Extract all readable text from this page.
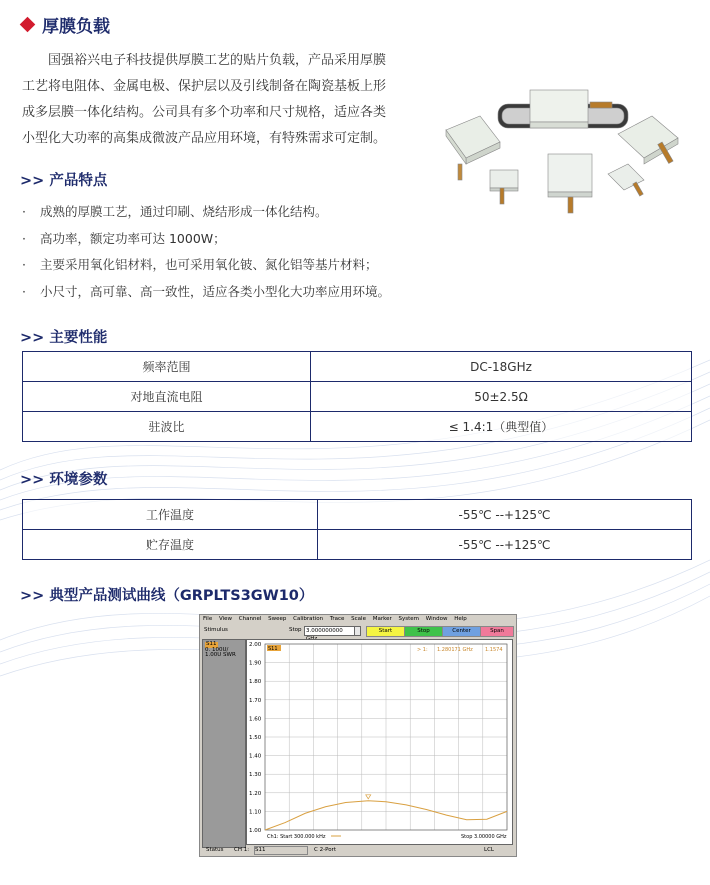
厚膜负载
国强裕兴电子科技提供厚膜工艺的贴片负载，产品采用厚膜
工艺将电阻体、金属电极、保护层以及引线制备在陶瓷基板上形
成多层膜一体化结构。公司具有多个功率和尺寸规格，适应各类
小型化大功率的高集成微波产品应用环境，有特殊需求可定制。
>> 产品特点
· 成熟的厚膜工艺，通过印刷、烧结形成一体化结构。
· 高功率，额定功率可达 1000W；
· 主要采用氧化铝材料，也可采用氧化铍、氮化铝等基片材料；
· 小尺寸，高可靠、高一致性，适应各类小型化大功率应用环境。
>> 主要性能
频率范围	DC-18GHz
对地直流电阻	50±2.5Ω
驻波比	≤ 1.4:1（典型值）
>> 环境参数
工作温度	-55℃ --+125℃
贮存温度	-55℃ --+125℃
>> 典型产品测试曲线（GRPLTS3GW10）
File View Channel Sweep Calibration Trace Scale Marker System Window Help
Stimulus	Stop 3.000000000	Start	Stop	Center	Span
S11
0. 100U/
1.00U SWR
2.00
1.90
1.80
1.70
1.60
1.50
1.40
1.30
1.20
1.10
1.00
S11	> 1: 1.280171 GHz 1.1574
Ch1: Start 300.000 kHz	Stop 3.00000 GHz
Status CH 1: S11	C 2-Port	LCL
